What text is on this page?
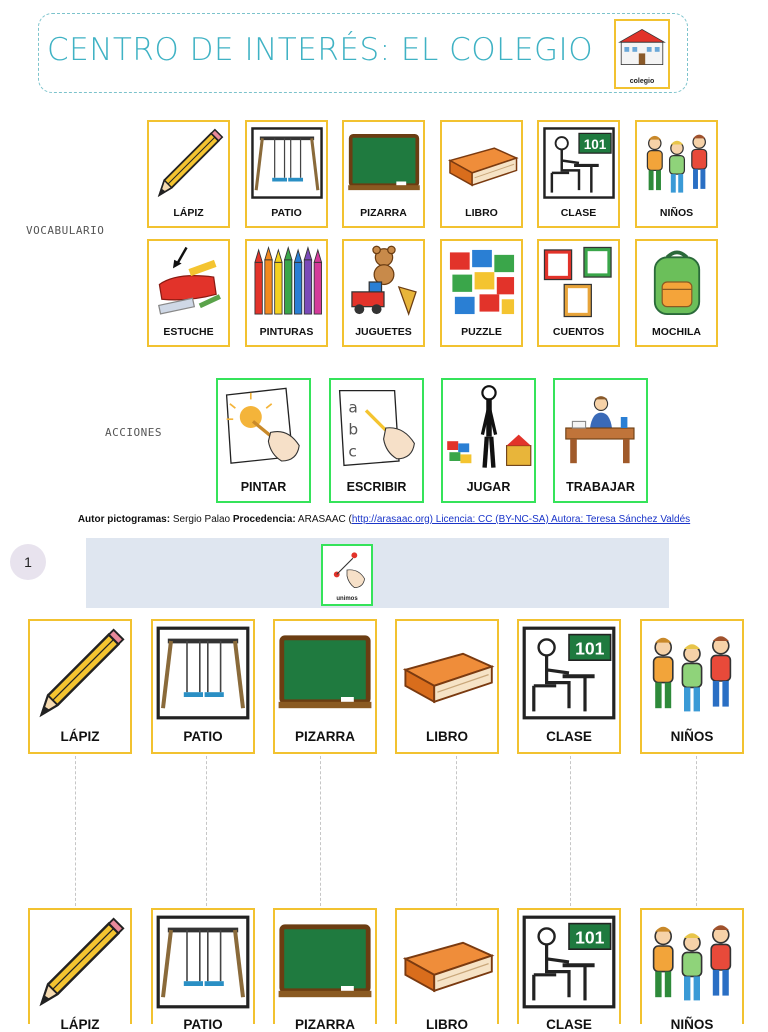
CENTRO DE INTERÉS: EL COLEGIO
colegio
VOCABULARIO
ACCIONES
LÁPIZ	PATIO	PIZARRA	LIBRO	CLASE	NIÑOS
ESTUCHE	PINTURAS	JUGUETES	PUZZLE	CUENTOS	MOCHILA
PINTAR	ESCRIBIR	JUGAR	TRABAJAR
Autor pictogramas: Sergio Palao Procedencia: ARASAAC (http://arasaac.org) Licencia: CC (BY-NC-SA) Autora: Teresa Sánchez Valdés
1
unimos
LÁPIZ	PATIO	PIZARRA	LIBRO	CLASE	NIÑOS
LÁPIZ	PATIO	PIZARRA	LIBRO	CLASE	NIÑOS
